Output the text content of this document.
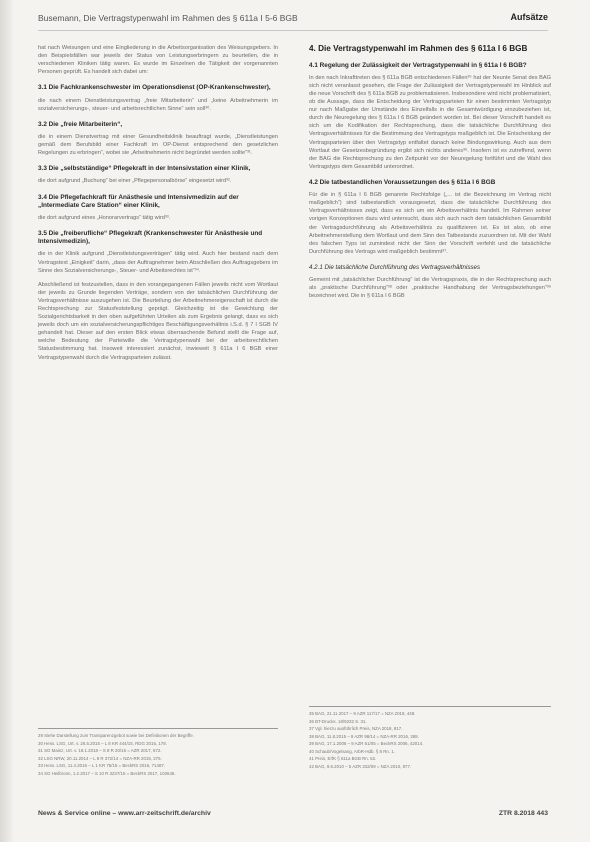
Busemann, Die Vertragstypenwahl im Rahmen des § 611a I 5-6 BGB	Aufsätze

hat nach Weisungen und eine Eingliederung in die Arbeitsorganisation des Weisungsgebers. In den Beispielsfällen war jeweils der Status von Leistungserbringern zu beurteilen, die in verschiedenen Kliniken tätig waren. Es wurde im Einzelnen die Tätigkeit der vorgenannten Personen geprüft. Es handelt sich dabei um:

3.1 Die Fachkrankenschwester im Operationsdienst (OP-Krankenschwester),

die nach einem Dienstleistungsvertrag „freie Mitarbeiterin“ und „keine Arbeitnehmerin im sozialversicherungs-, steuer- und arbeitsrechtlichen Sinne“ sein soll³⁰.

3.2 Die „freie Mitarbeiterin“,

die in einem Dienstvertrag mit einer Gesundheitsklinik beauftragt wurde, „Dienstleistungen gemäß dem Berufsbild einer Fachkraft im OP-Dienst entsprechend den gesetzlichen Regelungen zu erbringen“, wobei sie „Arbeitnehmerin nicht begründet werden sollte“³¹.

3.3 Die „selbstständige“ Pflegekraft in der Intensivstation einer Klinik,

die dort aufgrund „Buchung“ bei einer „Pflegepersonalbörse“ eingesetzt wird³².

3.4 Die Pflegefachkraft für Anästhesie und Intensivmedizin auf der „Intermediate Care Station“ einer Klinik,

die dort aufgrund eines „Honorarvertrags“ tätig wird³³.

3.5 Die „freiberufliche“ Pflegekraft (Krankenschwester für Anästhesie und Intensivmedizin),

die in der Klinik aufgrund „Dienstleistungsverträgen“ tätig wird. Auch hier bestand nach dem Vertragstext „Einigkeit“ darin, „dass der Auftragnehmer beim Abschließen des Auftragsgebers im Sinne des Sozialversicherungs-, Steuer- und Arbeitsrechtes ist“³⁴.

Abschließend ist festzustellen, dass in den vorangegangenen Fällen jeweils nicht vom Wortlaut der jeweils zu Grunde liegenden Verträge, sondern von der tatsächlichen Durchführung der Vertragsverhältnisse auszugehen ist. Die Beurteilung der Arbeitnehmereigenschaft ist durch die Rechtsprechung zur Statusfeststellung geprägt. Gleichzeitig ist die Gewichtung der Sozialgerichtsbarkeit in den oben aufgeführten Urteilen als zum Ergebnis gelangt, dass es sich jeweils doch um ein sozialversicherungspflichtiges Beschäftigungsverhältnis i.S.d. § 7 I SGB IV gehandelt hat. Dieser auf den ersten Blick etwas überraschende Befund stellt die Frage auf, welche Bedeutung der Parteiwille die Vertragstypenwahl bei der arbeitsrechtlichen Statusbestimmung hat. Insoweit interessiert zunächst, inwieweit § 611a I 6 BGB einer Vertragstypenwahl durch die Vertragsparteien zulässt.

4. Die Vertragstypenwahl im Rahmen des § 611a I 6 BGB
4.1 Regelung der Zulässigkeit der Vertragstypenwahl in § 611a I 6 BGB?

In den nach Inkrafttreten des § 611a BGB entschiedenen Fällen³⁵ hat der Neunte Senat des BAG sich nicht veranlasst gesehen, die Frage der Zulässigkeit der Vertragstypenwahl im Hinblick auf die neue Vorschrift des § 611a BGB zu problematisieren. Insbesondere wird nicht problematisiert, ob die Aussage, dass die Entscheidung der Vertragsparteien für einen bestimmten Vertragstyp nur nach Maßgabe der Umstände des Einzelfalls in die Gesamtwürdigung einzubeziehen ist, durch die Neuregelung des § 611a I 6 BGB geändert worden ist. Bei dieser Vorschrift handelt es sich um die Kodifikation der Rechtsprechung, dass die tatsächliche Durchführung des Vertragsverhältnisses für die Bestimmung des Vertragstyps maßgeblich ist. Die Entscheidung der Vertragsparteien über den Vertragstyp entfaltet danach keine Bindungswirkung. Auch aus dem Wortlaut der Gesetzesbegründung ergibt sich nichts anderes³⁶. Insofern ist es zutreffend, wenn der BAG die Rechtsprechung zu den Zeitpunkt vor der Neuregelung fortführt und die Wahl des Vertragstyps dem Gesamtbild unterordnet.

4.2 Die tatbestandlichen Voraussetzungen des § 611a I 6 BGB

Für die in § 611a I 6 BGB genannte Rechtsfolge („... ist die Bezeichnung im Vertrag nicht maßgeblich“) sind tatbestandlich vorausgesetzt, dass die tatsächliche Durchführung des Vertragsverhältnisses zeigt, dass es sich um ein Arbeitsverhältnis handelt. Im Rahmen seiner vorigen Konzeptionen dazu wird untersucht, dass sich auch nach dem tatsächlichen Gesamtbild der Vertragsdurchführung als Arbeitsverhältnis zu qualifizieren ist. Es ist also, ob eine Arbeitnehmerstellung dem Wortlaut und dem Sinn des Tatbestands zuzuordnen ist. Mit der Wahl des falschen Typs ist zumindest nicht der Sinn der Vorschrift verfehlt und die tatsächliche Durchführung des Vertrags wird maßgeblich bestimmt³⁷.

4.2.1 Die tatsächliche Durchführung des Vertragsverhältnisses

Gemeint mit „tatsächlicher Durchführung“ ist die Vertragspraxis, die in der Rechtsprechung auch als „praktische Durchführung“³⁸ oder „praktische Handhabung der Vertragsbeziehungen“³⁹ bezeichnet wird. Die in § 611a I 6 BGB

29 Siehe Darstellung zum Transparenzgebot sowie bei Definitionen der Begriffe.
30 Hess. LSG, Urt. v. 26.5.2015 – L 8 KR 444/15, RDG 2015, 178.
31 SG Mainz, Urt. v. 18.1.2018 – S 8 R 20/16 = AZR 2017, 572.
32 LSG NRW, 20.11.2014 – L 8 R 372/14 = NZA-RR 2015, 275.
33 Hess. LSG, 11.4.2016 – L 1 KR 75/15 = BeckRS 2016, 71487.
34 SG Heilbronn, 1.2.2017 – S 10 R 3237/15 = BeckRS 2017, 103645.
35 BAG, 21.11.2017 – 9 AZR 117/17 = NZA 2018, 448.
36 BT-Drucks. 18/9232 S. 31.
37 Vgl. hierzu ausführlich Preis, NZA 2018, 817.
38 BAG, 11.8.2015 – 9 AZR 98/14 = NZA-RR 2016, 288.
39 BAG, 17.1.2006 – 9 AZR 61/05 = BeckRS 2006, 42014.
40 Schaub/Vogelsang, ArbR-Hdb. § 8 Rn. 1.
41 Preis, ErfK § 611a BGB Rn. 52.
42 BAG, 9.6.2010 – 5 AZR 332/09 = NZA 2010, 877.
News & Service online – www.arr-zeitschrift.de/archiv	ZTR 8.2018 443
